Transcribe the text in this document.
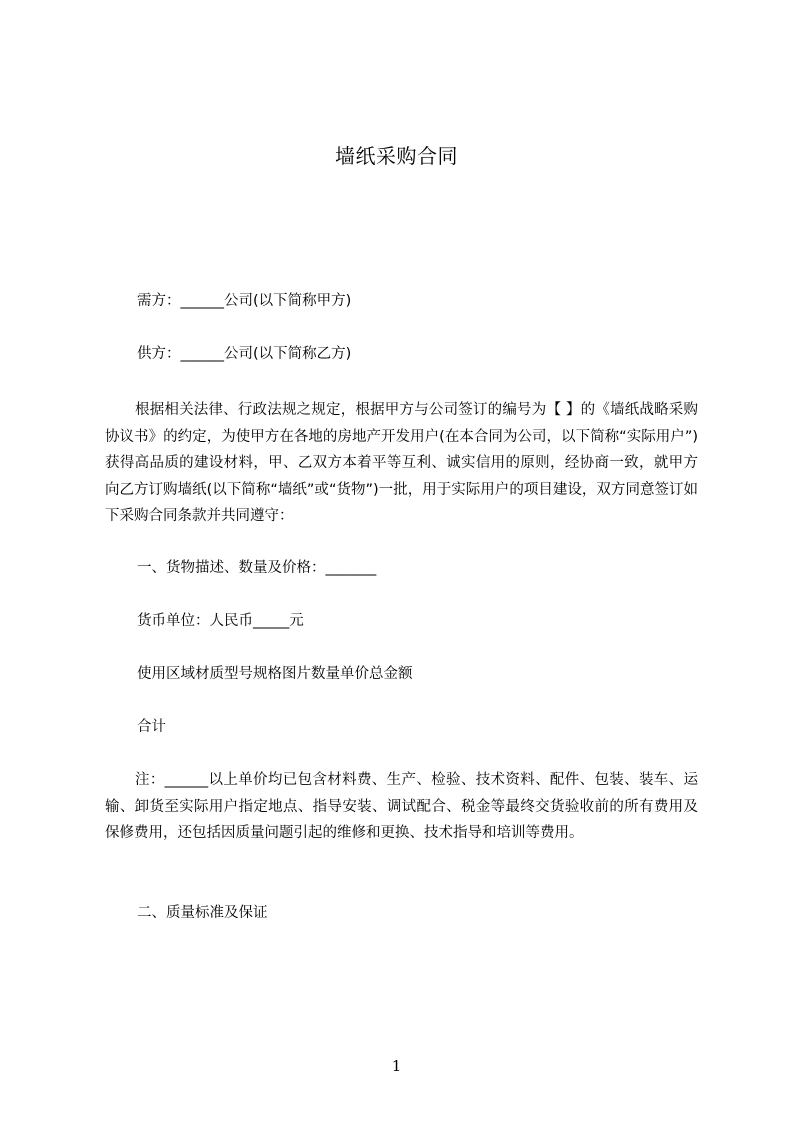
墙纸采购合同
需方：______公司(以下简称甲方)
供方：______公司(以下简称乙方)
根据相关法律、行政法规之规定，根据甲方与公司签订的编号为【 】的《墙纸战略采购协议书》的约定，为使甲方在各地的房地产开发用户(在本合同为公司，以下简称“实际用户”)获得高品质的建设材料，甲、乙双方本着平等互利、诚实信用的原则，经协商一致，就甲方向乙方订购墙纸(以下简称“墙纸”或“货物”)一批，用于实际用户的项目建设，双方同意签订如下采购合同条款并共同遵守：
一、货物描述、数量及价格：_______
货币单位：人民币_____元
使用区域材质型号规格图片数量单价总金额
合计
注：______以上单价均已包含材料费、生产、检验、技术资料、配件、包装、装车、运输、卸货至实际用户指定地点、指导安装、调试配合、税金等最终交货验收前的所有费用及保修费用，还包括因质量问题引起的维修和更换、技术指导和培训等费用。
二、质量标准及保证
1
